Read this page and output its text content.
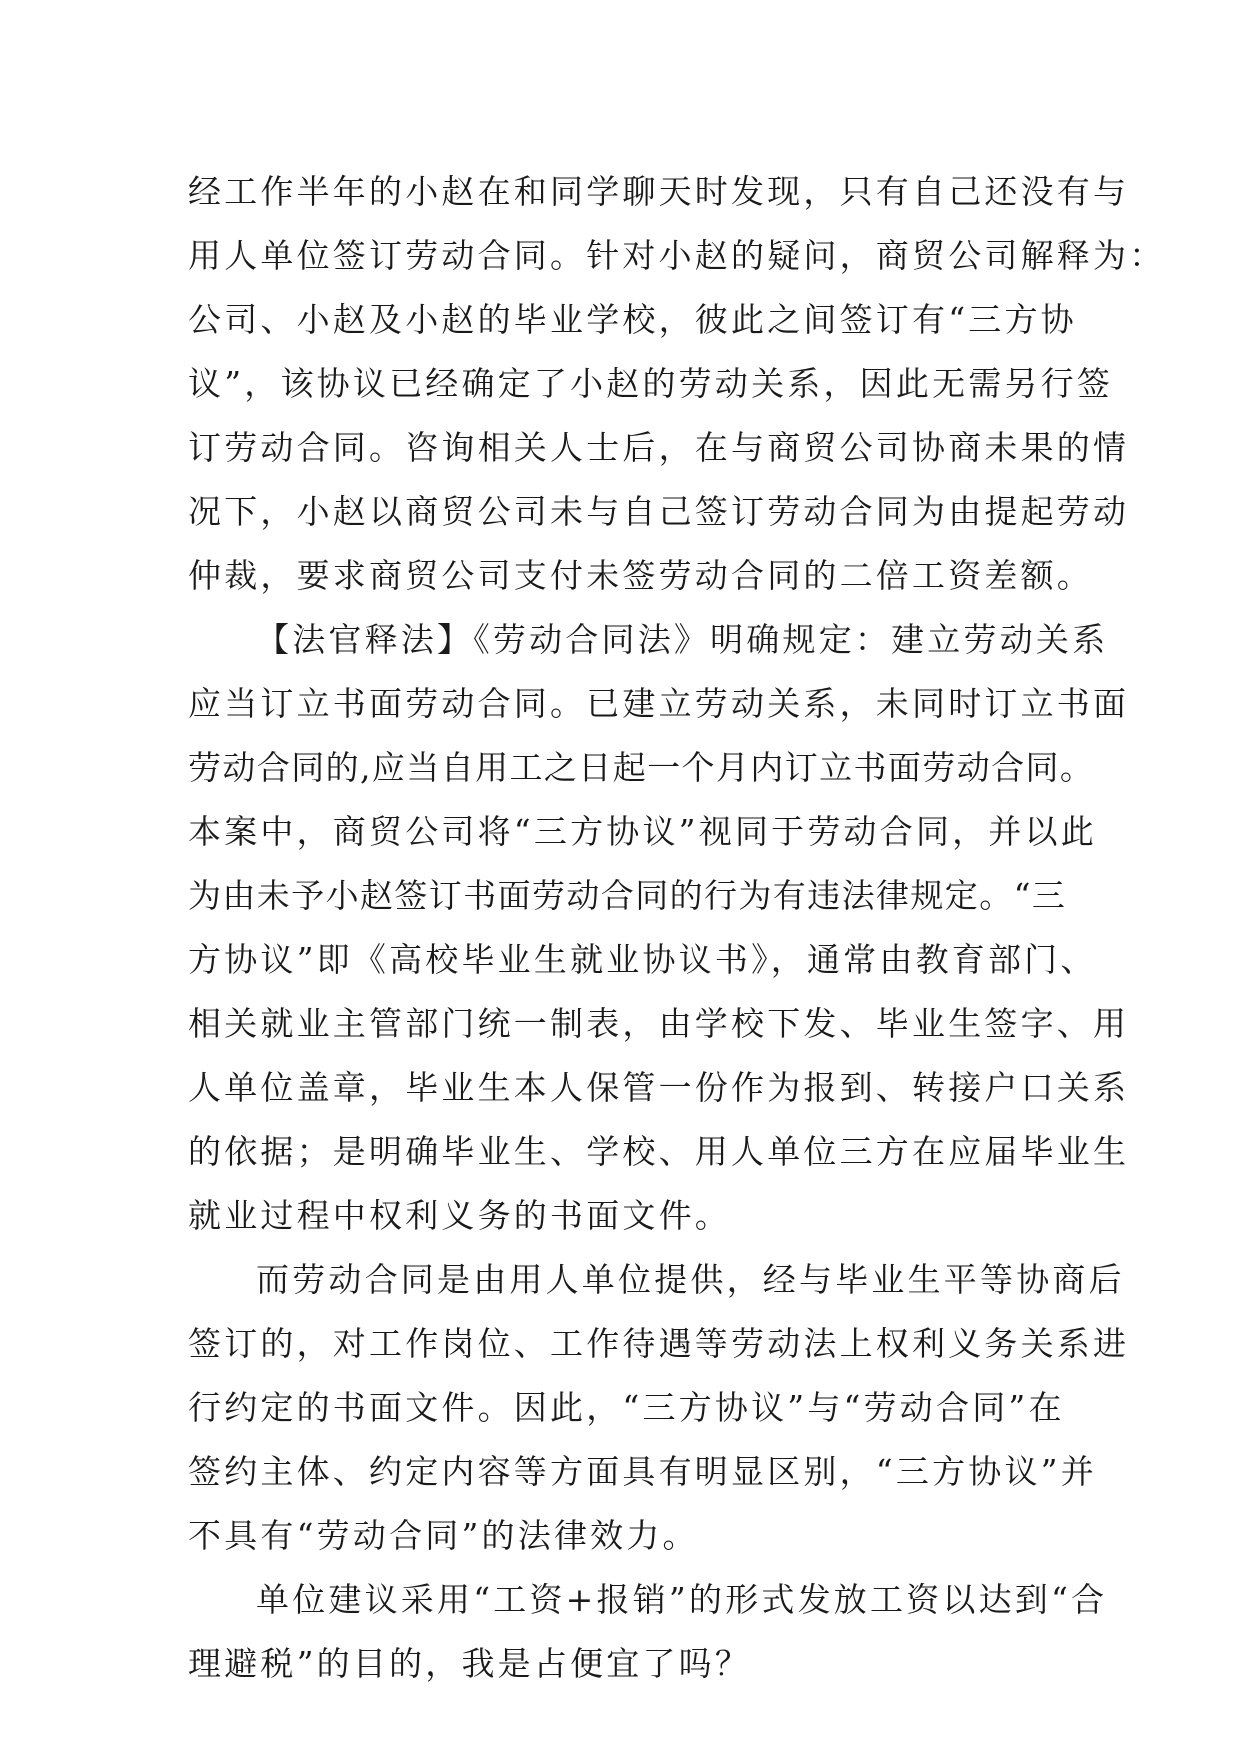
经工作半年的小赵在和同学聊天时发现，只有自己还没有与
用人单位签订劳动合同。针对小赵的疑问，商贸公司解释为：
公司、小赵及小赵的毕业学校，彼此之间签订有“三方协
议”，该协议已经确定了小赵的劳动关系，因此无需另行签
订劳动合同。咨询相关人士后，在与商贸公司协商未果的情
况下，小赵以商贸公司未与自己签订劳动合同为由提起劳动
仲裁，要求商贸公司支付未签劳动合同的二倍工资差额。
【法官释法】《劳动合同法》明确规定：建立劳动关系
应当订立书面劳动合同。已建立劳动关系，未同时订立书面
劳动合同的,应当自用工之日起一个月内订立书面劳动合同。
本案中，商贸公司将“三方协议”视同于劳动合同，并以此
为由未予小赵签订书面劳动合同的行为有违法律规定。“三
方协议”即《高校毕业生就业协议书》，通常由教育部门、
相关就业主管部门统一制表，由学校下发、毕业生签字、用
人单位盖章，毕业生本人保管一份作为报到、转接户口关系
的依据；是明确毕业生、学校、用人单位三方在应届毕业生
就业过程中权利义务的书面文件。
而劳动合同是由用人单位提供，经与毕业生平等协商后
签订的，对工作岗位、工作待遇等劳动法上权利义务关系进
行约定的书面文件。因此，“三方协议”与“劳动合同”在
签约主体、约定内容等方面具有明显区别，“三方协议”并
不具有“劳动合同”的法律效力。
单位建议采用“工资+报销”的形式发放工资以达到“合
理避税”的目的，我是占便宜了吗？
